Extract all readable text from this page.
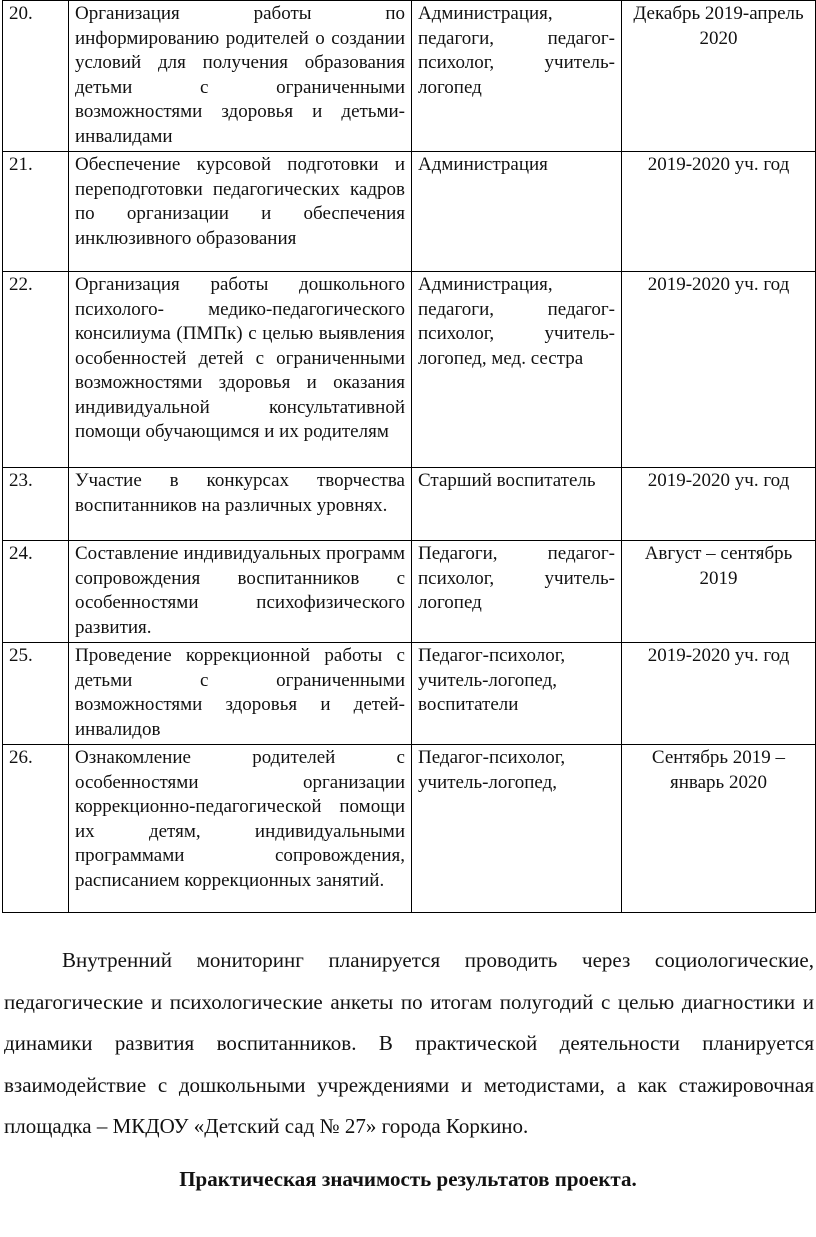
20.	Организация работы по информированию родителей о создании условий для получения образования детьми с ограниченными возможностями здоровья и детьми-инвалидами	Администрация, педагоги, педагог-психолог, учитель-логопед	Декабрь 2019-апрель 2020
21.	Обеспечение курсовой подготовки и переподготовки педагогических кадров по организации и обеспечения инклюзивного образования	Администрация	2019-2020 уч. год
22.	Организация работы дошкольного психолого- медико-педагогического консилиума (ПМПк) с целью выявления особенностей детей с ограниченными возможностями здоровья и оказания индивидуальной консультативной помощи обучающимся и их родителям	Администрация, педагоги, педагог-психолог, учитель-логопед, мед. сестра	2019-2020 уч. год
23.	Участие в конкурсах творчества воспитанников на различных уровнях.	Старший воспитатель	2019-2020 уч. год
24.	Составление индивидуальных программ сопровождения воспитанников с особенностями психофизического развития.	Педагоги, педагог-психолог, учитель-логопед	Август – сентябрь 2019
25.	Проведение коррекционной работы с детьми с ограниченными возможностями здоровья и детей-инвалидов	Педагог-психолог, учитель-логопед, воспитатели	2019-2020 уч. год
26.	Ознакомление родителей с особенностями организации коррекционно-педагогической помощи их детям, индивидуальными программами сопровождения, расписанием коррекционных занятий.	Педагог-психолог, учитель-логопед,	Сентябрь 2019 – январь 2020

Внутренний мониторинг планируется проводить через социологические, педагогические и психологические анкеты по итогам полугодий с целью диагностики и динамики развития воспитанников. В практической деятельности планируется взаимодействие с дошкольными учреждениями и методистами, а как стажировочная площадка – МКДОУ «Детский сад № 27» города Коркино.

Практическая значимость результатов проекта.
